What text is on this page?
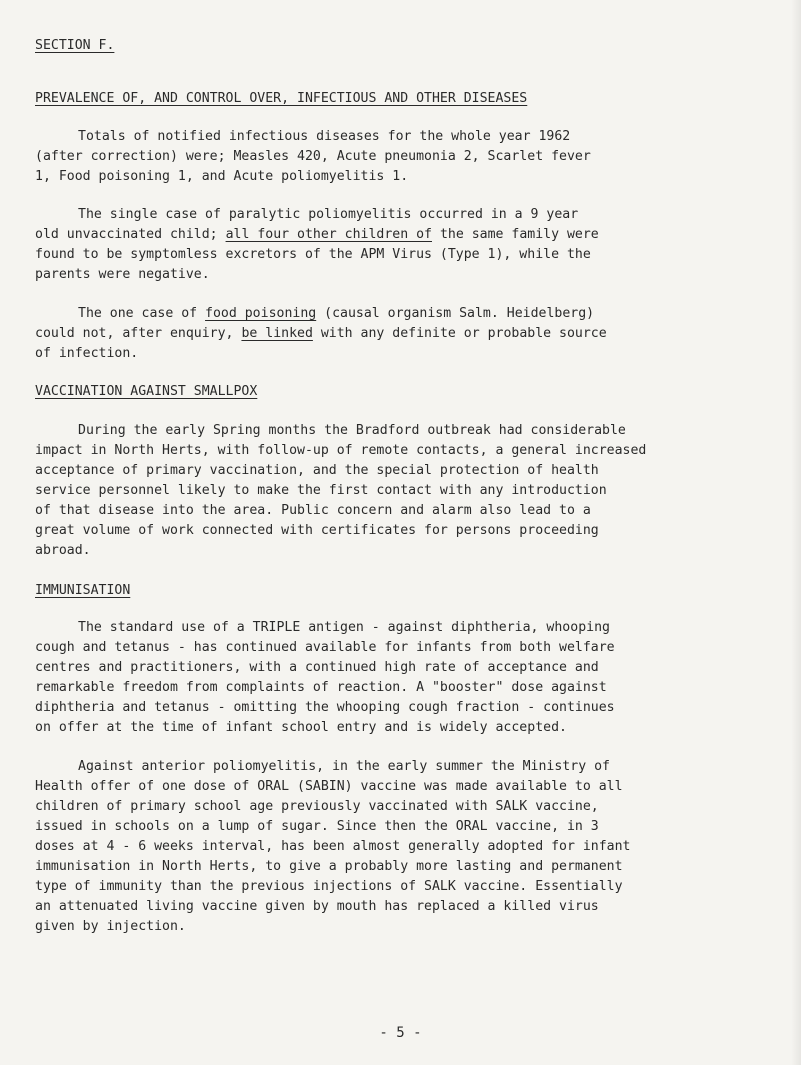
SECTION F.

PREVALENCE OF, AND CONTROL OVER, INFECTIOUS AND OTHER DISEASES

Totals of notified infectious diseases for the whole year 1962

(after correction) were; Measles 420, Acute pneumonia 2, Scarlet fever

1, Food poisoning 1, and Acute poliomyelitis 1.

The single case of paralytic poliomyelitis occurred in a 9 year

old unvaccinated child; all four other children of the same family were

found to be symptomless excretors of the APM Virus (Type 1), while the

parents were negative.

The one case of food poisoning (causal organism Salm. Heidelberg)

could not, after enquiry, be linked with any definite or probable source

of infection.

VACCINATION AGAINST SMALLPOX

During the early Spring months the Bradford outbreak had considerable

impact in North Herts, with follow-up of remote contacts, a general increased

acceptance of primary vaccination, and the special protection of health

service personnel likely to make the first contact with any introduction

of that disease into the area. Public concern and alarm also lead to a

great volume of work connected with certificates for persons proceeding

abroad.

IMMUNISATION

The standard use of a TRIPLE antigen - against diphtheria, whooping

cough and tetanus - has continued available for infants from both welfare

centres and practitioners, with a continued high rate of acceptance and

remarkable freedom from complaints of reaction. A "booster" dose against

diphtheria and tetanus - omitting the whooping cough fraction - continues

on offer at the time of infant school entry and is widely accepted.

Against anterior poliomyelitis, in the early summer the Ministry of

Health offer of one dose of ORAL (SABIN) vaccine was made available to all

children of primary school age previously vaccinated with SALK vaccine,

issued in schools on a lump of sugar. Since then the ORAL vaccine, in 3

doses at 4 - 6 weeks interval, has been almost generally adopted for infant

immunisation in North Herts, to give a probably more lasting and permanent

type of immunity than the previous injections of SALK vaccine. Essentially

an attenuated living vaccine given by mouth has replaced a killed virus

given by injection.

- 5 -
